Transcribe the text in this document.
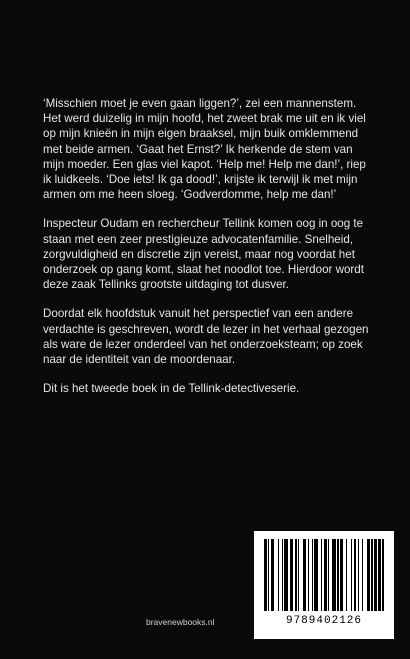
‘Misschien moet je even gaan liggen?’, zei een mannenstem. Het werd duizelig in mijn hoofd, het zweet brak me uit en ik viel op mijn knieën in mijn eigen braaksel, mijn buik omklemmend met beide armen. ‘Gaat het Ernst?’ Ik herkende de stem van mijn moeder. Een glas viel kapot. ‘Help me! Help me dan!’, riep ik luidkeels. ‘Doe iets! Ik ga dood!’, krijste ik terwijl ik met mijn armen om me heen sloeg. ‘Godverdomme, help me dan!’

Inspecteur Oudam en rechercheur Tellink komen oog in oog te staan met een zeer prestigieuze advocatenfamilie. Snelheid, zorgvuldigheid en discretie zijn vereist, maar nog voordat het onderzoek op gang komt, slaat het noodlot toe. Hierdoor wordt deze zaak Tellinks grootste uitdaging tot dusver.

Doordat elk hoofdstuk vanuit het perspectief van een andere verdachte is geschreven, wordt de lezer in het verhaal gezogen als ware de lezer onderdeel van het onderzoeksteam; op zoek naar de identiteit van de moordenaar.

Dit is het tweede boek in de Tellink-detectiveserie.

9789402126
bravenewbooks.nl
